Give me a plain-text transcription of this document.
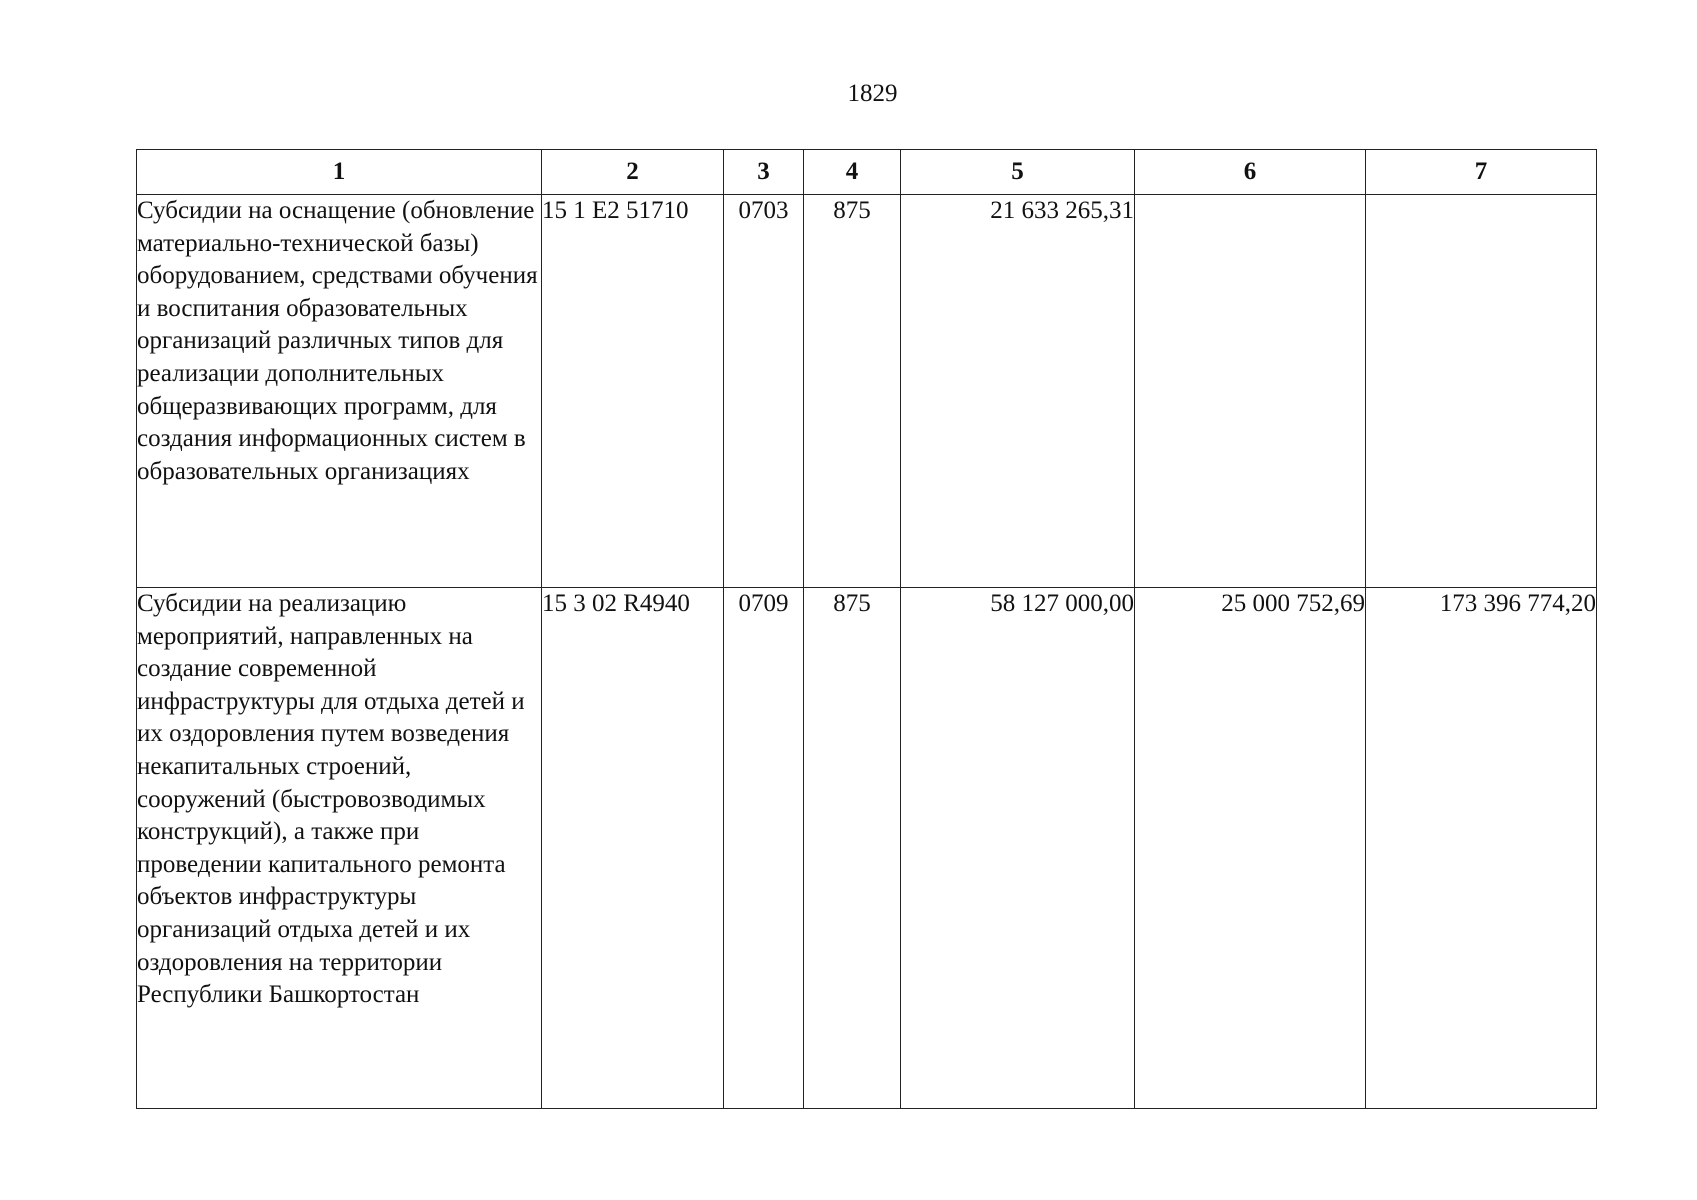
1829
1	2	3	4	5	6	7
Субсидии на оснащение (обновление материально-технической базы) оборудованием, средствами обучения и воспитания образовательных организаций различных типов для реализации дополнительных общеразвивающих программ, для создания информационных систем в образовательных организациях	15 1 E2 51710	0703	875	21 633 265,31		
Субсидии на реализацию мероприятий, направленных на создание современной инфраструктуры для отдыха детей и их оздоровления путем возведения некапитальных строений, сооружений (быстровозводимых конструкций), а также при проведении капитального ремонта объектов инфраструктуры организаций отдыха детей и их оздоровления на территории Республики Башкортостан	15 3 02 R4940	0709	875	58 127 000,00	25 000 752,69	173 396 774,20
